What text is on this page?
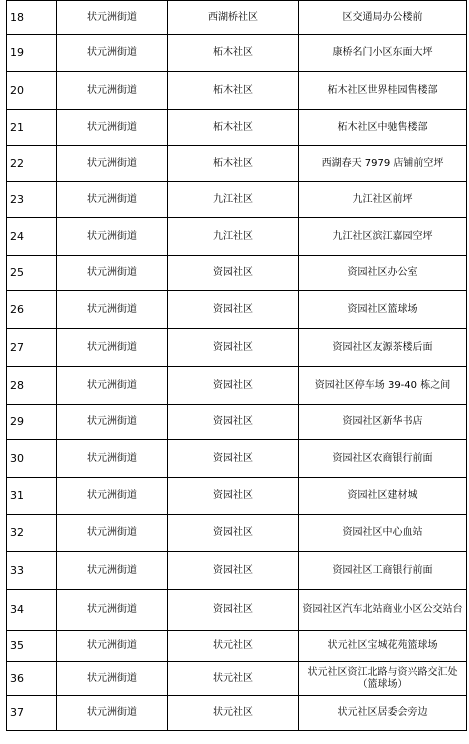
18	状元洲街道	西湖桥社区	区交通局办公楼前
19	状元洲街道	柘木社区	康桥名门小区东面大坪
20	状元洲街道	柘木社区	柘木社区世界桂园售楼部
21	状元洲街道	柘木社区	柘木社区中驰售楼部
22	状元洲街道	柘木社区	西湖春天 7979 店铺前空坪
23	状元洲街道	九江社区	九江社区前坪
24	状元洲街道	九江社区	九江社区滨江嘉园空坪
25	状元洲街道	资园社区	资园社区办公室
26	状元洲街道	资园社区	资园社区篮球场
27	状元洲街道	资园社区	资园社区友源茶楼后面
28	状元洲街道	资园社区	资园社区停车场 39-40 栋之间
29	状元洲街道	资园社区	资园社区新华书店
30	状元洲街道	资园社区	资园社区农商银行前面
31	状元洲街道	资园社区	资园社区建材城
32	状元洲街道	资园社区	资园社区中心血站
33	状元洲街道	资园社区	资园社区工商银行前面
34	状元洲街道	资园社区	资园社区汽车北站商业小区公交站台
35	状元洲街道	状元社区	状元社区宝城花苑篮球场
36	状元洲街道	状元社区	状元社区资江北路与资兴路交汇处（篮球场）
37	状元洲街道	状元社区	状元社区居委会旁边
